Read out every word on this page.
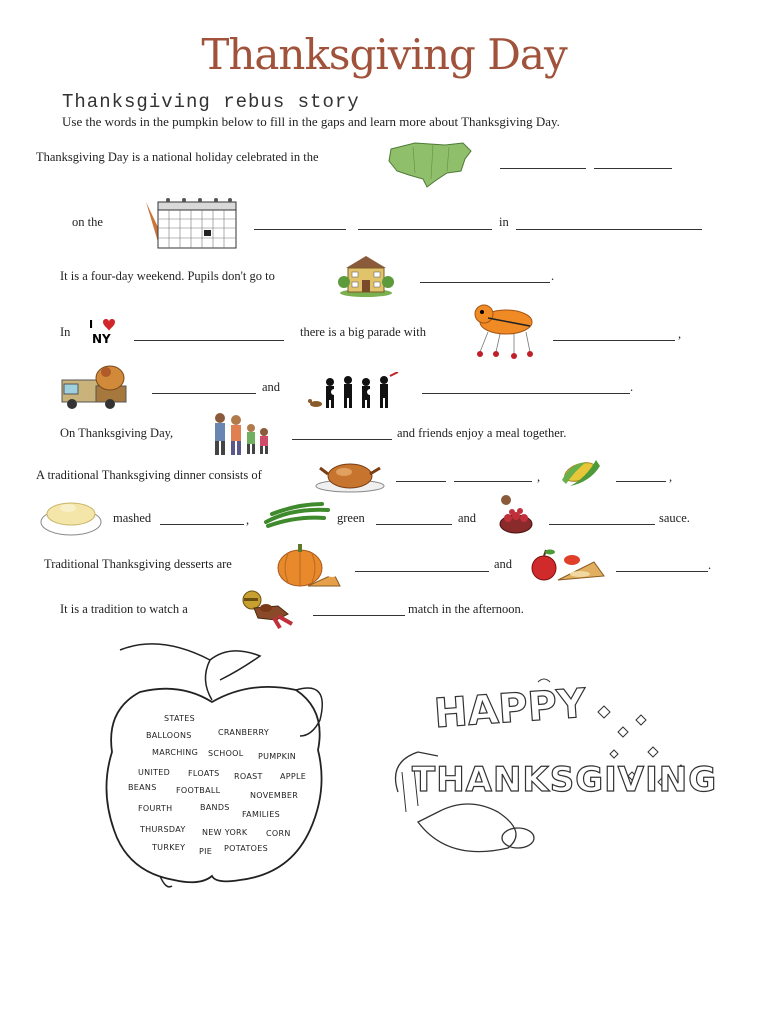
Thanksgiving Day
Thanksgiving rebus story
Use the words in the pumpkin below to fill in the gaps and learn more about Thanksgiving Day.
Thanksgiving Day is a national holiday celebrated in the
on the	in
It is a four-day weekend. Pupils don't go to	.
In
I
NY	there is a big parade with	,
and	.
On Thanksgiving Day,	and friends enjoy a meal together.
A traditional Thanksgiving dinner consists of	,	,
mashed	,	green	and	sauce.
Traditional Thanksgiving desserts are	and	.
It is a tradition to watch a	match in the afternoon.
STATES
BALLOONS	CRANBERRY
MARCHING SCHOOL PUMPKIN
UNITED FLOATS ROAST APPLE
BEANS FOOTBALL
NOVEMBER
FOURTH	BANDS
FAMILIES
THURSDAY NEW YORK CORN
TURKEY PIE POTATOES
HAPPY
THANKSGIVING
